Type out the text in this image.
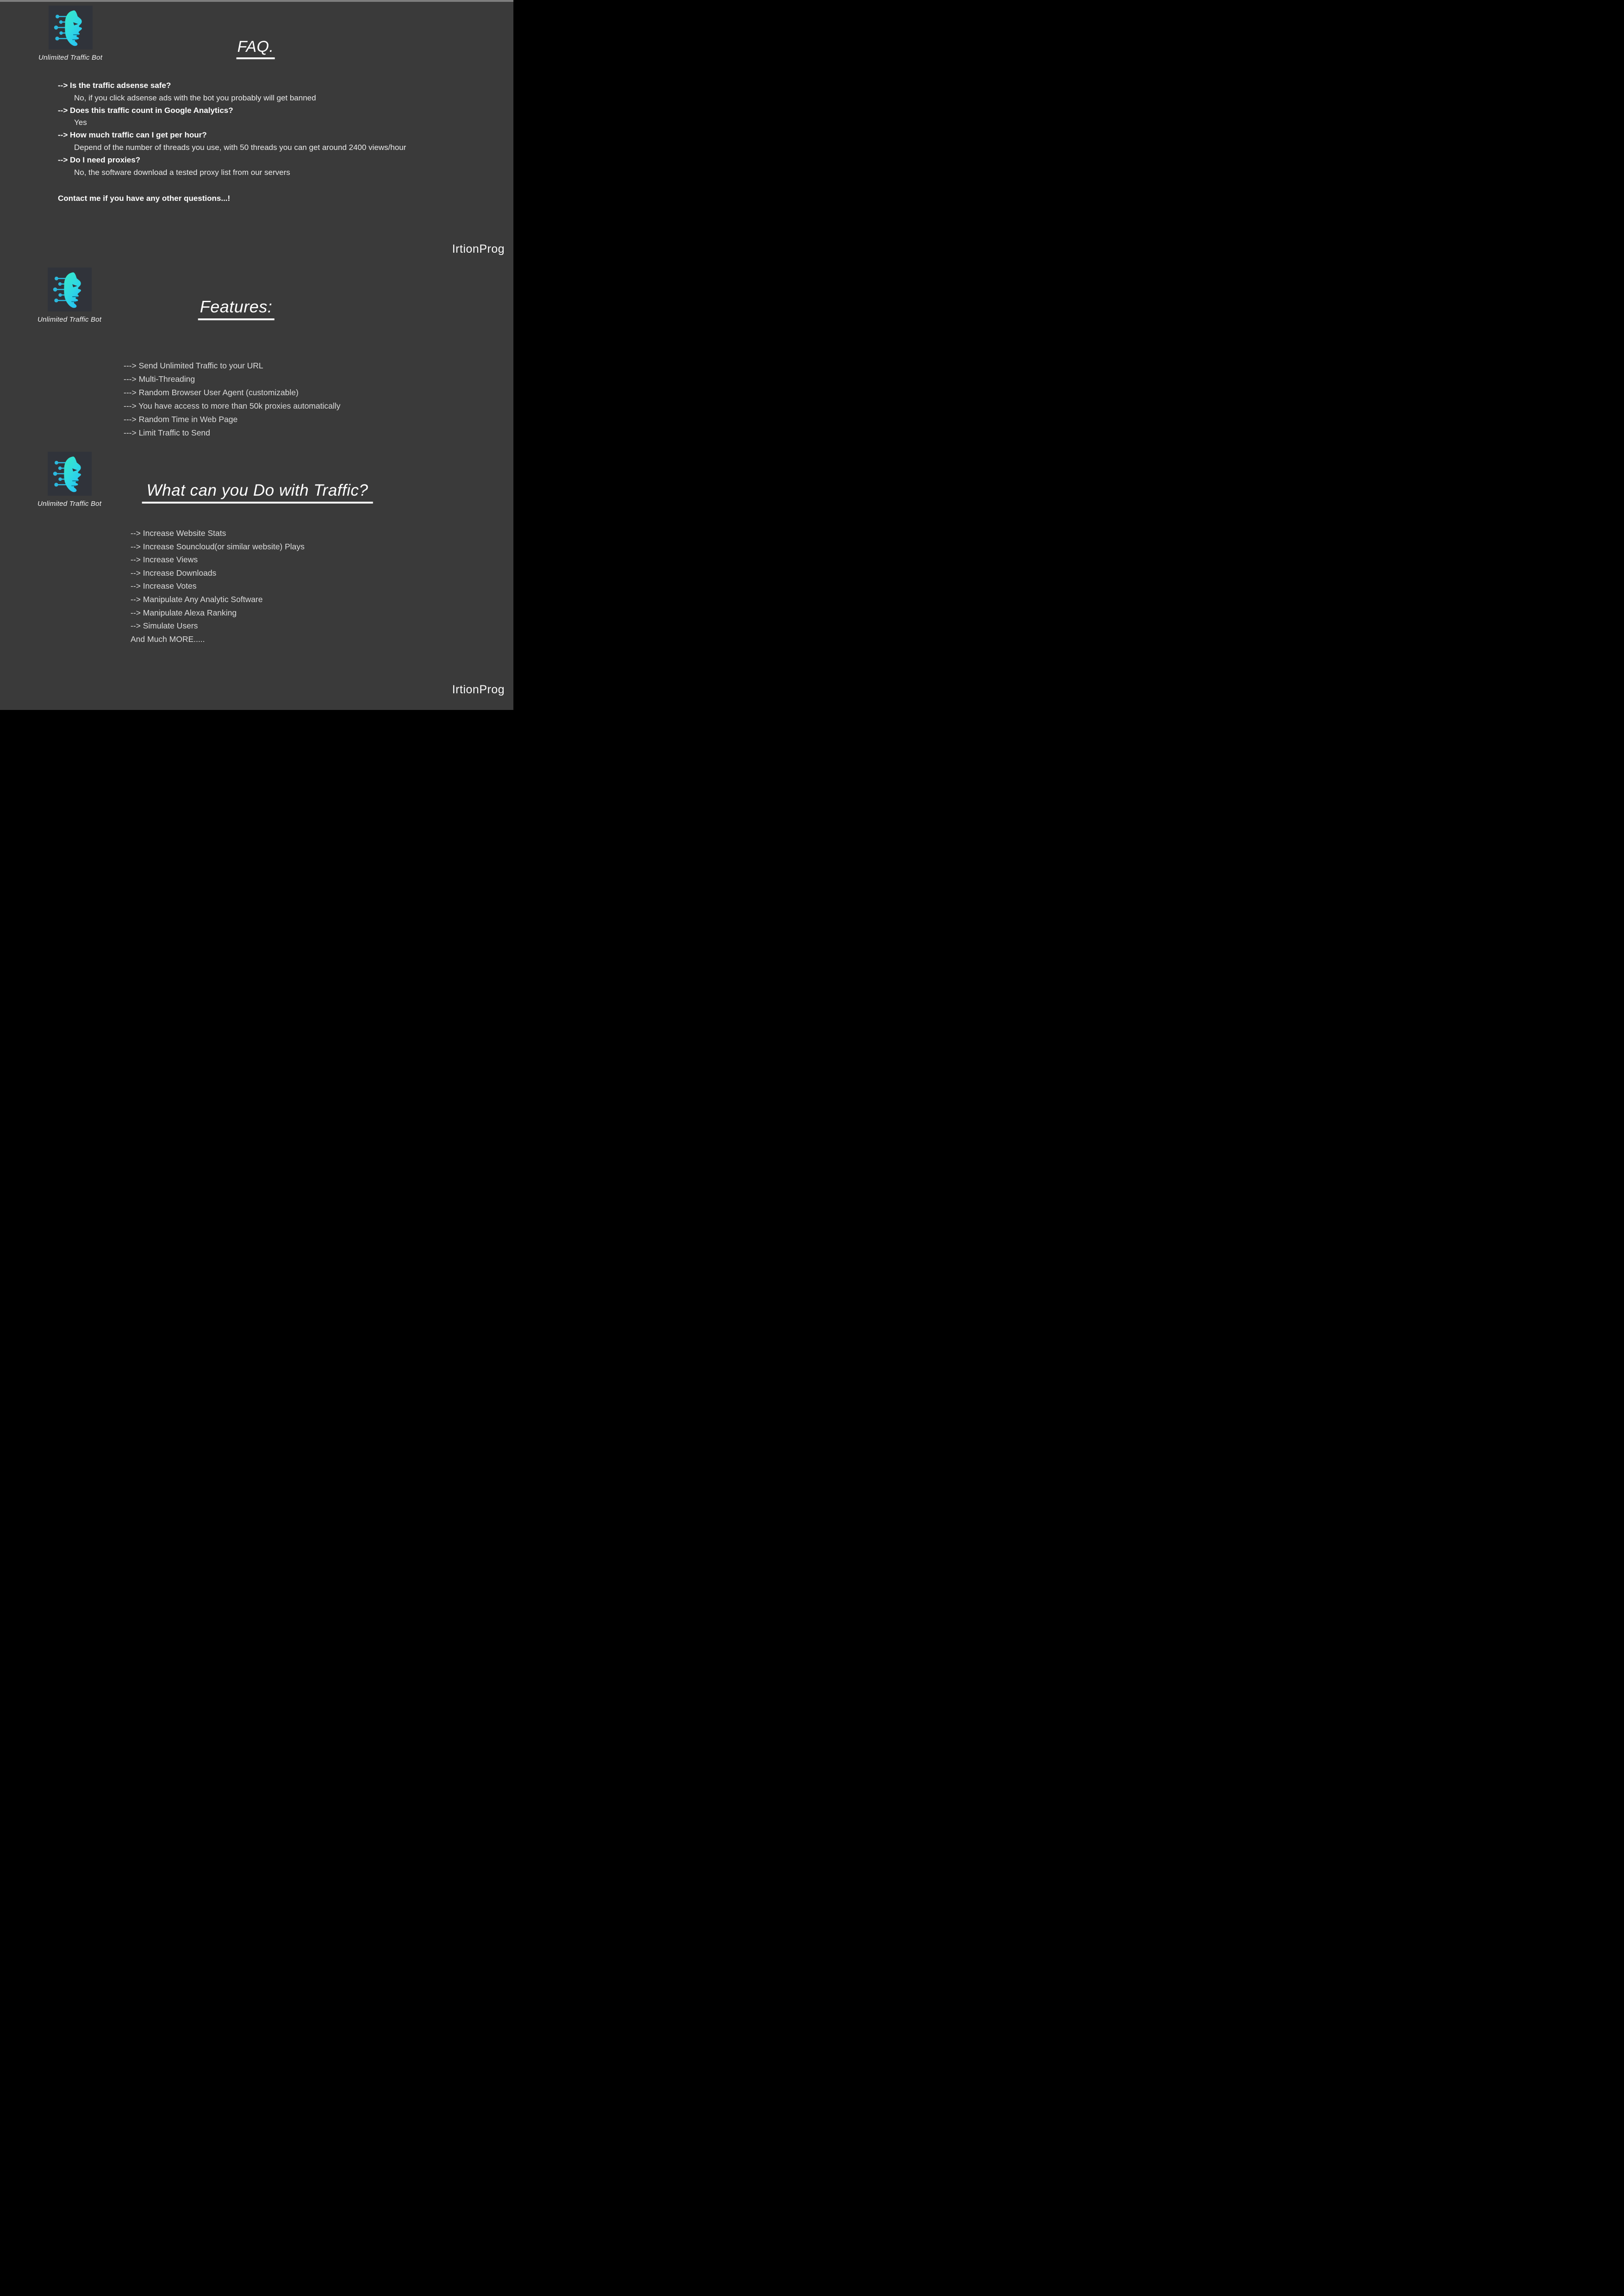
Unlimited Traffic Bot
FAQ.
--> Is the traffic adsense safe?
No, if you click adsense ads with the bot you probably will get banned
--> Does this traffic count in Google Analytics?
Yes
--> How much traffic can I get per hour?
Depend of the number of threads you use, with 50 threads you can get around 2400 views/hour
--> Do I need proxies?
No, the software download a tested proxy list from our servers
Contact me if you have any other questions...!
IrtionProg
Unlimited Traffic Bot
Features:
---> Send Unlimited Traffic to your URL
---> Multi-Threading
---> Random Browser User Agent (customizable)
---> You have access to more than 50k proxies automatically
---> Random Time in Web Page
---> Limit Traffic to Send
Unlimited Traffic Bot
What can you Do with Traffic?
--> Increase Website Stats
--> Increase Souncloud(or similar website) Plays
--> Increase Views
--> Increase Downloads
--> Increase Votes
--> Manipulate Any Analytic Software
--> Manipulate Alexa Ranking
--> Simulate Users
And Much MORE.....
IrtionProg
